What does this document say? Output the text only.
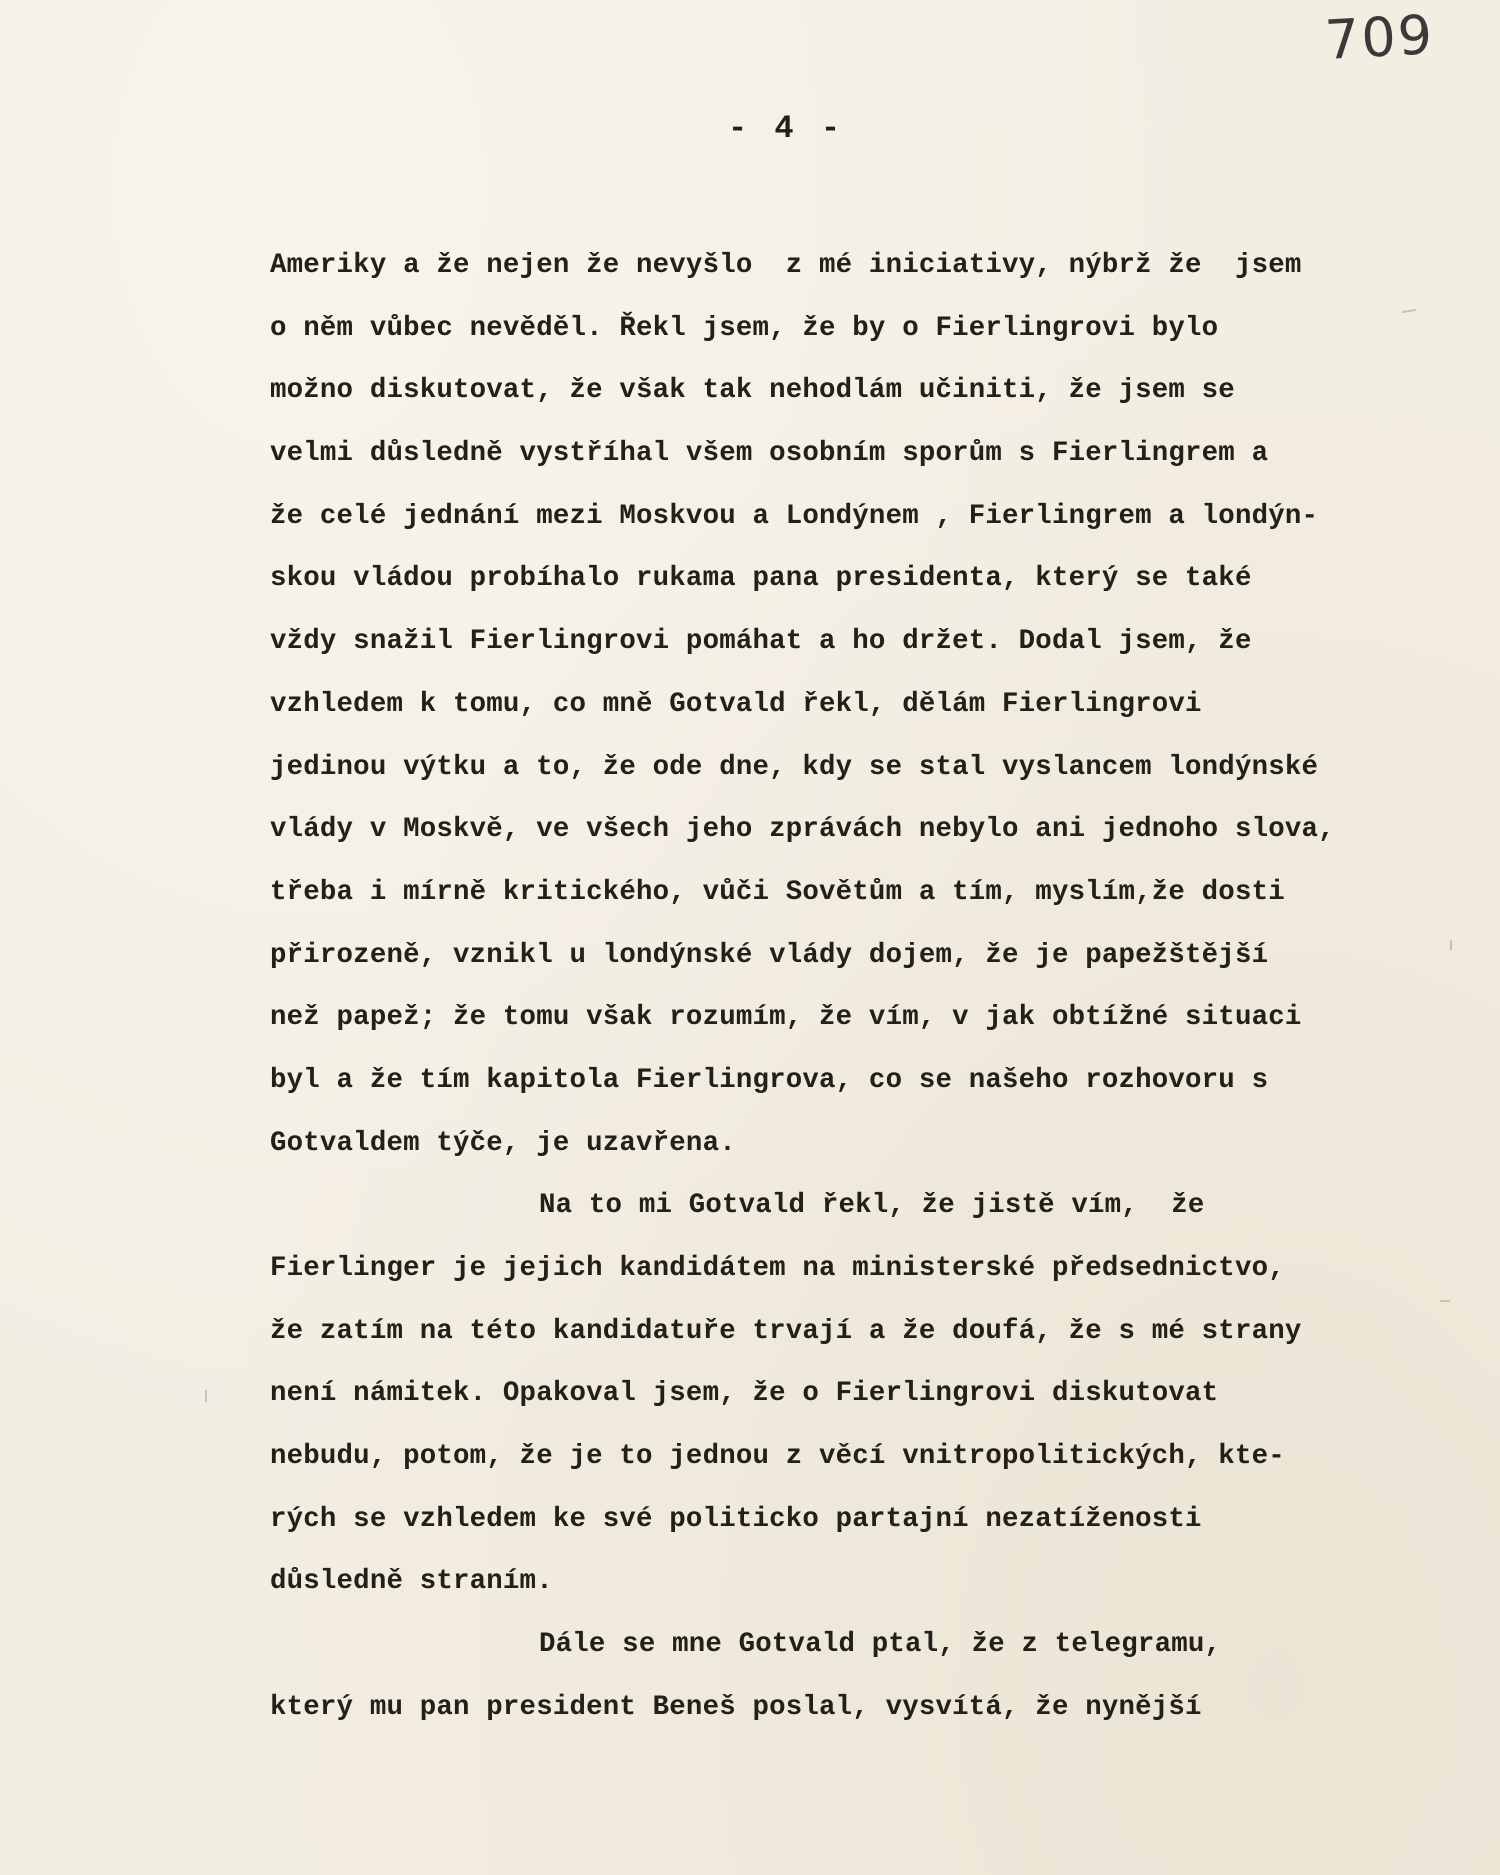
709
- 4 -
Ameriky a že nejen že nevyšlo  z mé iniciativy, nýbrž že  jsem
o něm vůbec nevěděl. Řekl jsem, že by o Fierlingrovi bylo
možno diskutovat, že však tak nehodlám učiniti, že jsem se
velmi důsledně vystříhal všem osobním sporům s Fierlingrem a
že celé jednání mezi Moskvou a Londýnem , Fierlingrem a londýn-
skou vládou probíhalo rukama pana presidenta, který se také
vždy snažil Fierlingrovi pomáhat a ho držet. Dodal jsem, že
vzhledem k tomu, co mně Gotvald řekl, dělám Fierlingrovi
jedinou výtku a to, že ode dne, kdy se stal vyslancem londýnské
vlády v Moskvě, ve všech jeho zprávách nebylo ani jednoho slova,
třeba i mírně kritického, vůči Sovětům a tím, myslím,že dosti
přirozeně, vznikl u londýnské vlády dojem, že je papežštější
než papež; že tomu však rozumím, že vím, v jak obtížné situaci
byl a že tím kapitola Fierlingrova, co se našeho rozhovoru s
Gotvaldem týče, je uzavřena.
Na to mi Gotvald řekl, že jistě vím,  že
Fierlinger je jejich kandidátem na ministerské předsednictvo,
že zatím na této kandidatuře trvají a že doufá, že s mé strany
není námitek. Opakoval jsem, že o Fierlingrovi diskutovat
nebudu, potom, že je to jednou z věcí vnitropolitických, kte-
rých se vzhledem ke své politicko partajní nezatíženosti
důsledně straním.
Dále se mne Gotvald ptal, že z telegramu,
který mu pan president Beneš poslal, vysvítá, že nynější
